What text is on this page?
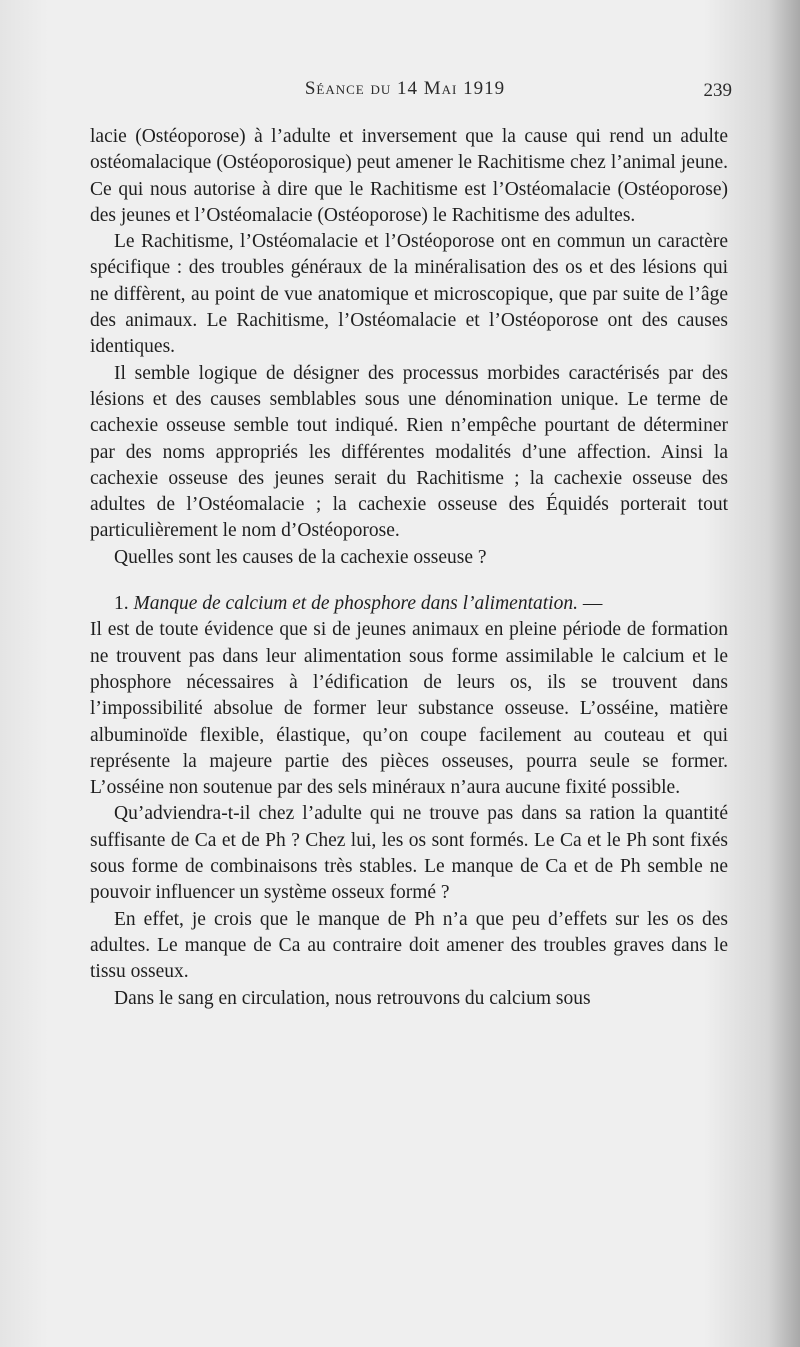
Séance du 14 Mai 1919	239

lacie (Ostéoporose) à l’adulte et inversement que la cause qui rend un adulte ostéomalacique (Ostéoporosique) peut amener le Rachitisme chez l’animal jeune. Ce qui nous autorise à dire que le Rachitisme est l’Ostéomalacie (Ostéoporose) des jeunes et l’Ostéomalacie (Ostéoporose) le Rachitisme des adultes.

Le Rachitisme, l’Ostéomalacie et l’Ostéoporose ont en commun un caractère spécifique : des troubles généraux de la minéralisation des os et des lésions qui ne diffèrent, au point de vue anatomique et microscopique, que par suite de l’âge des animaux. Le Rachitisme, l’Ostéomalacie et l’Ostéoporose ont des causes identiques.

Il semble logique de désigner des processus morbides caractérisés par des lésions et des causes semblables sous une dénomination unique. Le terme de cachexie osseuse semble tout indiqué. Rien n’empêche pourtant de déterminer par des noms appropriés les différentes modalités d’une affection. Ainsi la cachexie osseuse des jeunes serait du Rachitisme ; la cachexie osseuse des adultes de l’Ostéomalacie ; la cachexie osseuse des Équidés porterait tout particulièrement le nom d’Ostéoporose.

Quelles sont les causes de la cachexie osseuse ?

1. Manque de calcium et de phosphore dans l’alimentation. —
Il est de toute évidence que si de jeunes animaux en pleine période de formation ne trouvent pas dans leur alimentation sous forme assimilable le calcium et le phosphore nécessaires à l’édification de leurs os, ils se trouvent dans l’impossibilité absolue de former leur substance osseuse. L’osséine, matière albuminoïde flexible, élastique, qu’on coupe facilement au couteau et qui représente la majeure partie des pièces osseuses, pourra seule se former. L’osséine non soutenue par des sels minéraux n’aura aucune fixité possible.

Qu’adviendra-t-il chez l’adulte qui ne trouve pas dans sa ration la quantité suffisante de Ca et de Ph ? Chez lui, les os sont formés. Le Ca et le Ph sont fixés sous forme de combinaisons très stables. Le manque de Ca et de Ph semble ne pouvoir influencer un système osseux formé ?

En effet, je crois que le manque de Ph n’a que peu d’effets sur les os des adultes. Le manque de Ca au contraire doit amener des troubles graves dans le tissu osseux.

Dans le sang en circulation, nous retrouvons du calcium sous
